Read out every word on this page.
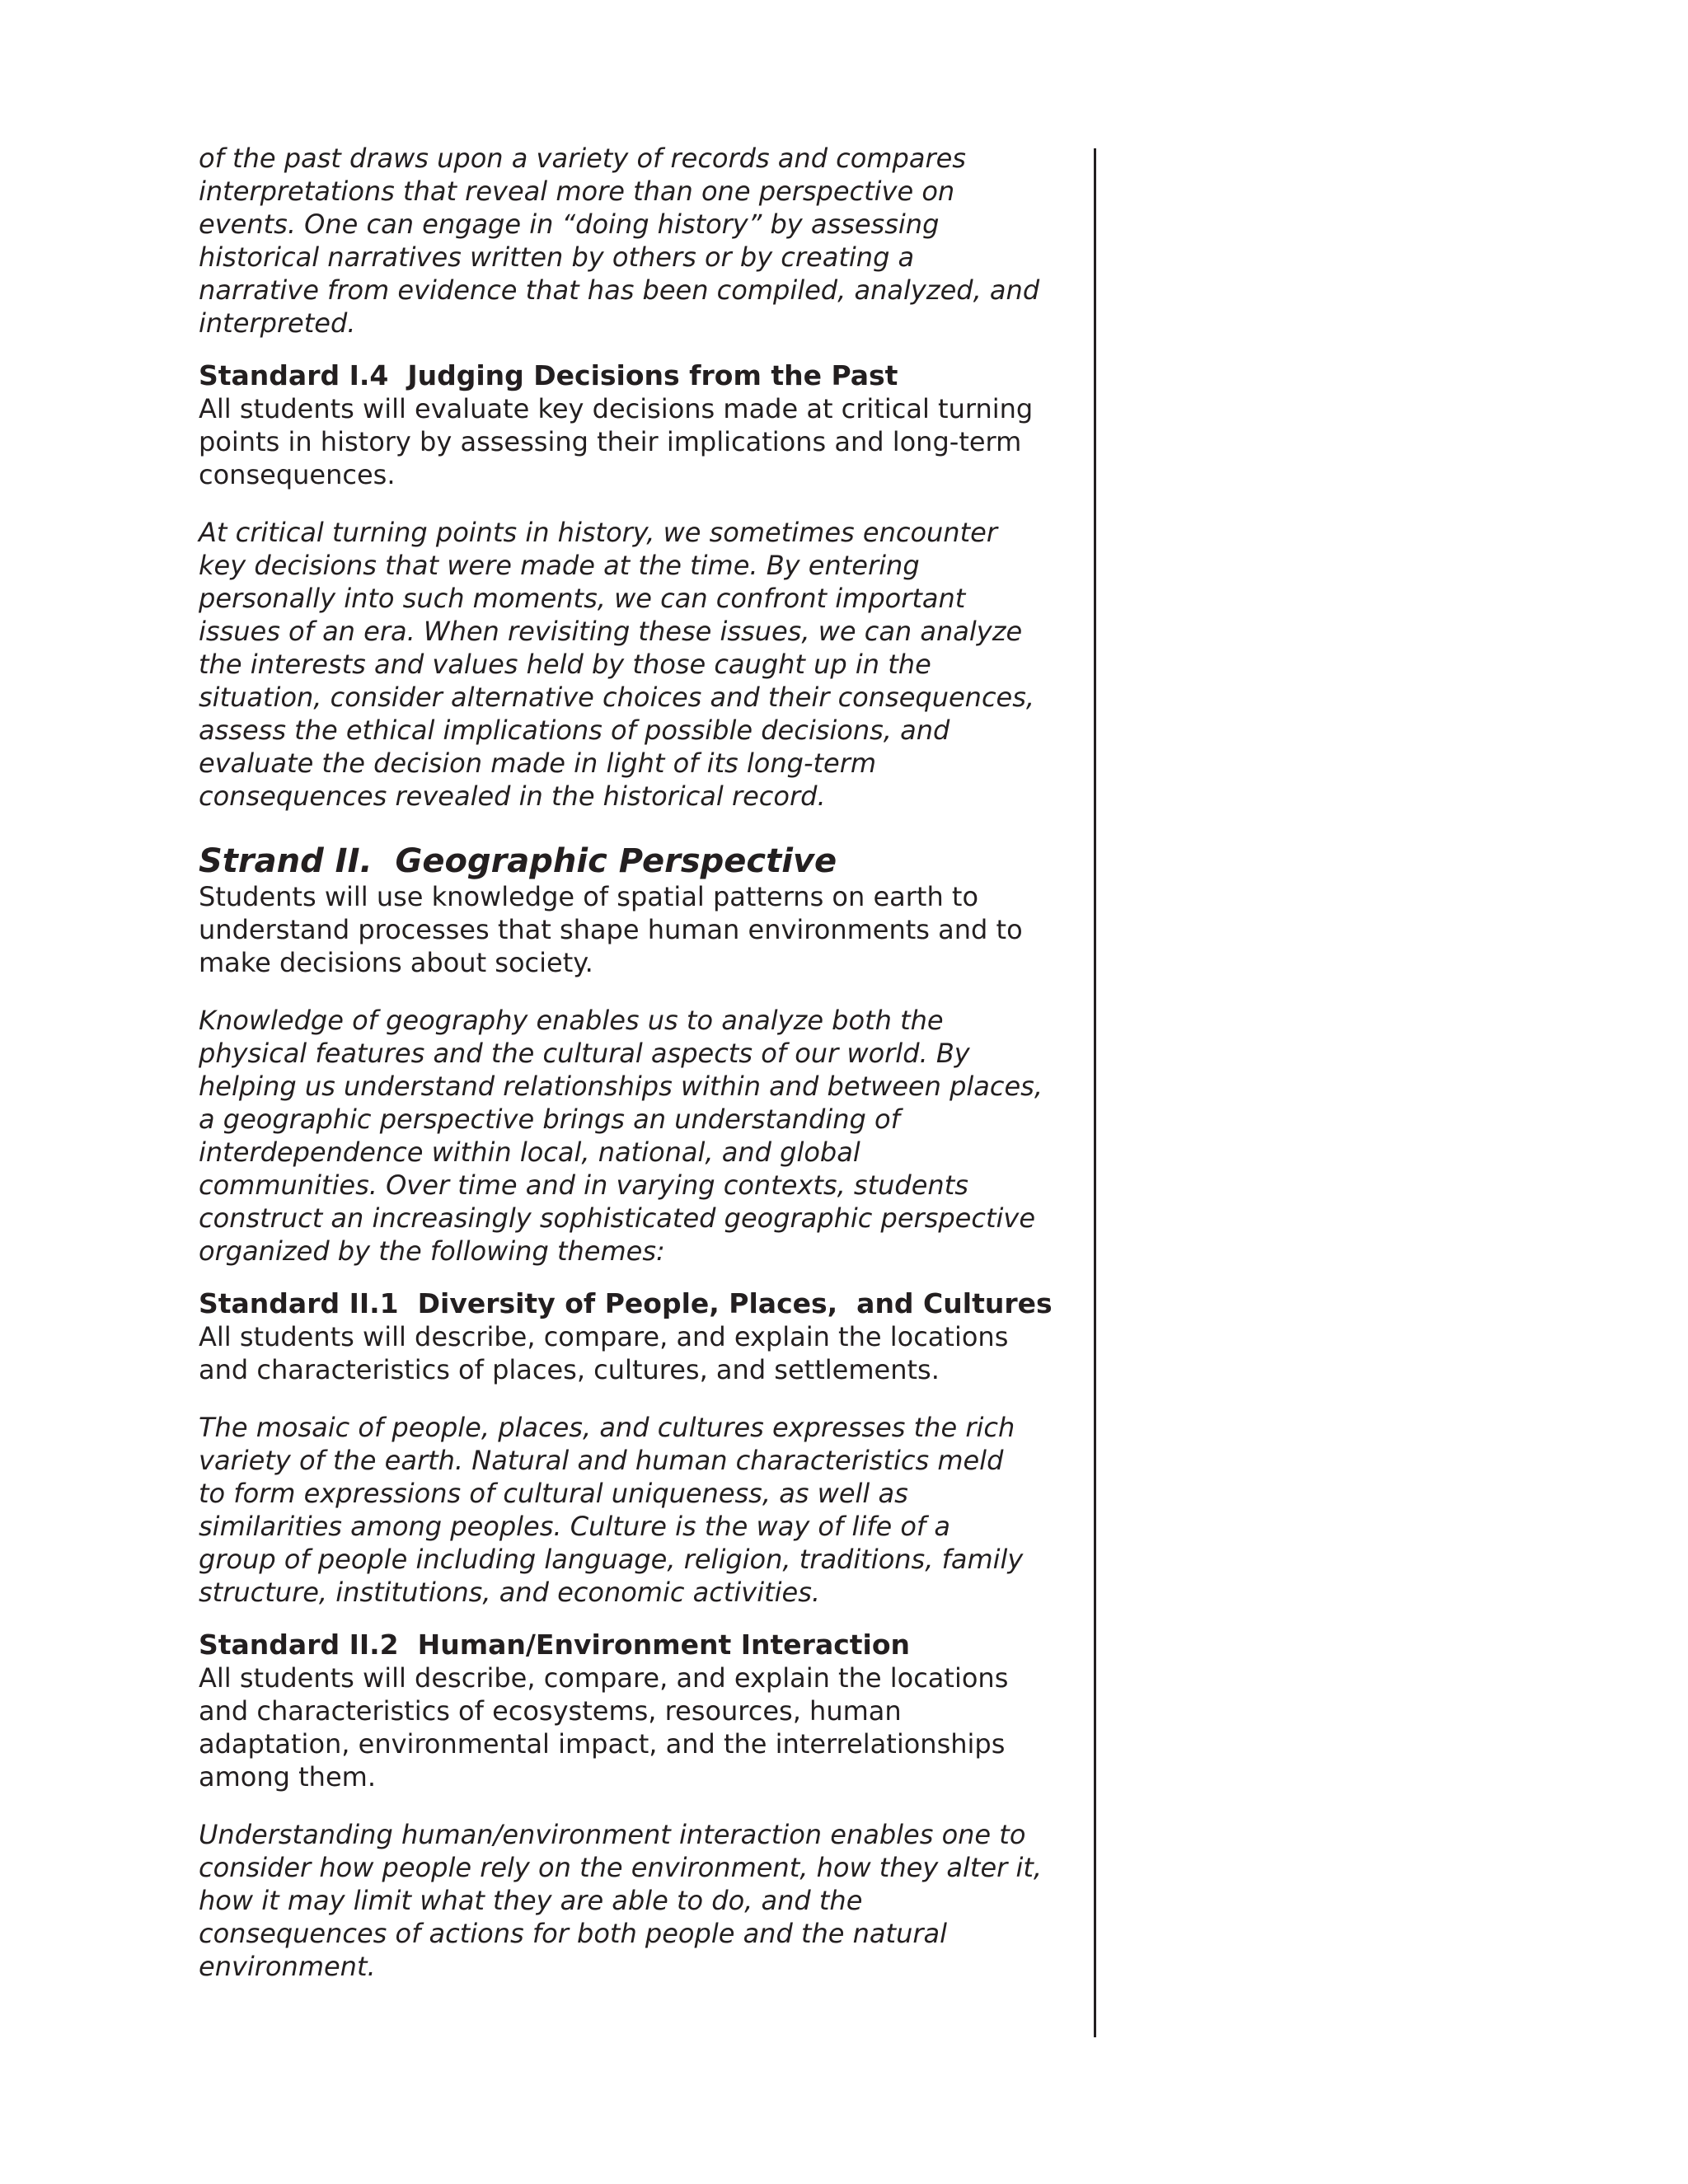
of the past draws upon a variety of records and compares
interpretations that reveal more than one perspective on
events. One can engage in “doing history” by assessing
historical narratives written by others or by creating a
narrative from evidence that has been compiled, analyzed, and
interpreted.

Standard I.4  Judging Decisions from the Past

All students will evaluate key decisions made at critical turning
points in history by assessing their implications and long-term
consequences.

At critical turning points in history, we sometimes encounter
key decisions that were made at the time. By entering
personally into such moments, we can confront important
issues of an era. When revisiting these issues, we can analyze
the interests and values held by those caught up in the
situation, consider alternative choices and their consequences,
assess the ethical implications of possible decisions, and
evaluate the decision made in light of its long-term
consequences revealed in the historical record.

Strand II.  Geographic Perspective

Students will use knowledge of spatial patterns on earth to
understand processes that shape human environments and to
make decisions about society.

Knowledge of geography enables us to analyze both the
physical features and the cultural aspects of our world. By
helping us understand relationships within and between places,
a geographic perspective brings an understanding of
interdependence within local, national, and global
communities. Over time and in varying contexts, students
construct an increasingly sophisticated geographic perspective
organized by the following themes:

Standard II.1  Diversity of People, Places,  and Cultures

All students will describe, compare, and explain the locations
and characteristics of places, cultures, and settlements.

The mosaic of people, places, and cultures expresses the rich
variety of the earth. Natural and human characteristics meld
to form expressions of cultural uniqueness, as well as
similarities among peoples. Culture is the way of life of a
group of people including language, religion, traditions, family
structure, institutions, and economic activities.

Standard II.2  Human/Environment Interaction

All students will describe, compare, and explain the locations
and characteristics of ecosystems, resources, human
adaptation, environmental impact, and the interrelationships
among them.

Understanding human/environment interaction enables one to
consider how people rely on the environment, how they alter it,
how it may limit what they are able to do, and the
consequences of actions for both people and the natural
environment.
